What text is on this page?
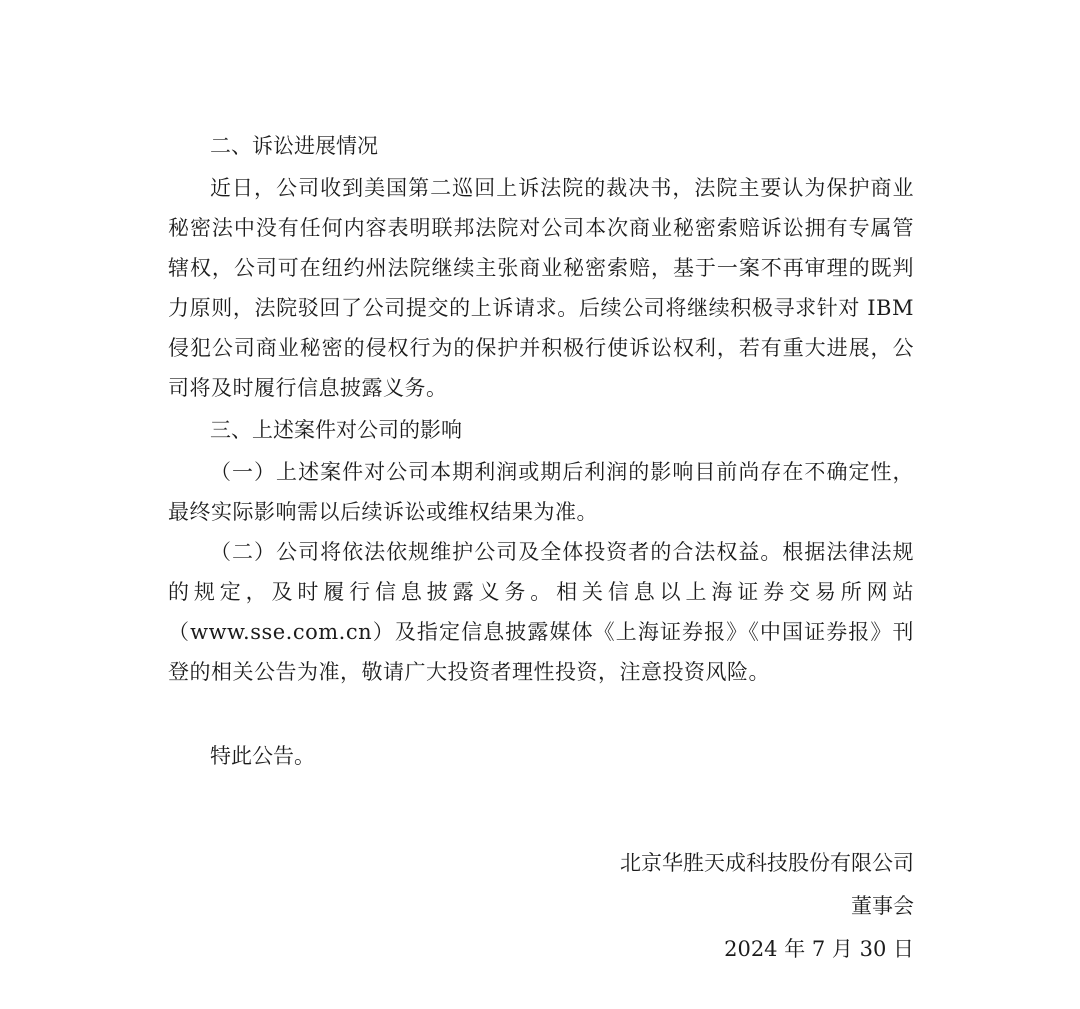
二、诉讼进展情况

近日，公司收到美国第二巡回上诉法院的裁决书，法院主要认为保护商业秘密法中没有任何内容表明联邦法院对公司本次商业秘密索赔诉讼拥有专属管辖权，公司可在纽约州法院继续主张商业秘密索赔，基于一案不再审理的既判力原则，法院驳回了公司提交的上诉请求。后续公司将继续积极寻求针对 IBM 侵犯公司商业秘密的侵权行为的保护并积极行使诉讼权利，若有重大进展，公司将及时履行信息披露义务。

三、上述案件对公司的影响

（一）上述案件对公司本期利润或期后利润的影响目前尚存在不确定性，最终实际影响需以后续诉讼或维权结果为准。

（二）公司将依法依规维护公司及全体投资者的合法权益。根据法律法规的规定，及时履行信息披露义务。相关信息以上海证券交易所网站（www.sse.com.cn）及指定信息披露媒体《上海证券报》《中国证券报》刊登的相关公告为准，敬请广大投资者理性投资，注意投资风险。

特此公告。

北京华胜天成科技股份有限公司
董事会
2024 年 7 月 30 日
